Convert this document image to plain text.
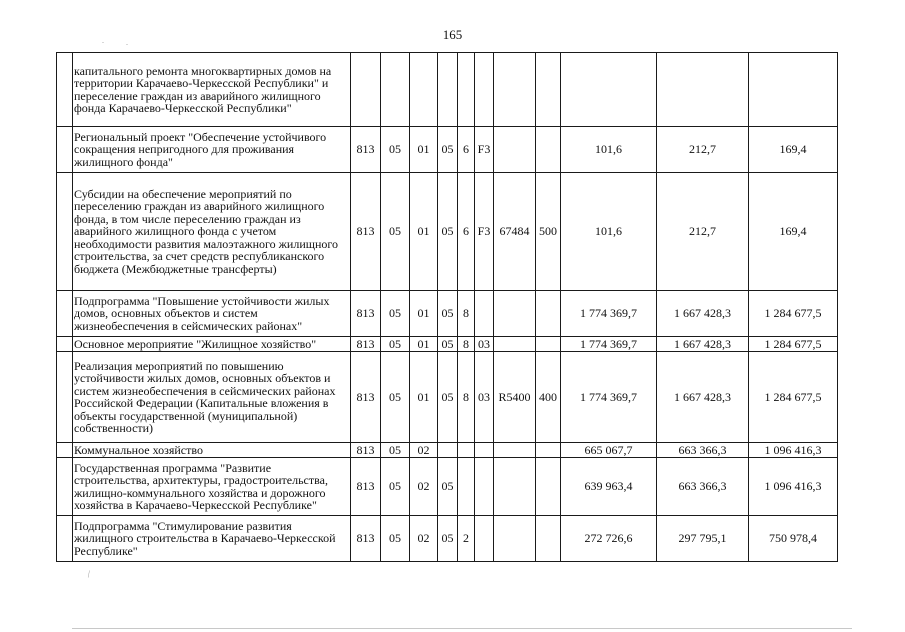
165
.	.
	капитального ремонта многоквартирных домов на территории Карачаево-Черкесской Республики" и переселение граждан из аварийного жилищного фонда Карачаево-Черкесской Республики"											
	Региональный проект "Обеспечение устойчивого сокращения непригодного для проживания жилищного фонда"	813	05	01	05	6	F3			101,6	212,7	169,4
	Субсидии на обеспечение мероприятий по переселению граждан из аварийного жилищного фонда, в том числе переселению граждан из аварийного жилищного фонда с учетом необходимости развития малоэтажного жилищного строительства, за счет средств республиканского бюджета (Межбюджетные трансферты)	813	05	01	05	6	F3	67484	500	101,6	212,7	169,4
	Подпрограмма "Повышение устойчивости жилых домов, основных объектов и систем жизнеобеспечения в сейсмических районах"	813	05	01	05	8				1 774 369,7	1 667 428,3	1 284 677,5
	Основное мероприятие "Жилищное хозяйство"	813	05	01	05	8	03			1 774 369,7	1 667 428,3	1 284 677,5
	Реализация мероприятий по повышению устойчивости жилых домов, основных объектов и систем жизнеобеспечения в сейсмических районах Российской Федерации (Капитальные вложения в объекты государственной (муниципальной) собственности)	813	05	01	05	8	03	R5400	400	1 774 369,7	1 667 428,3	1 284 677,5
	Коммунальное хозяйство	813	05	02						665 067,7	663 366,3	1 096 416,3
	Государственная программа "Развитие строительства, архитектуры, градостроительства, жилищно-коммунального хозяйства и дорожного хозяйства в Карачаево-Черкесской Республике"	813	05	02	05					639 963,4	663 366,3	1 096 416,3
	Подпрограмма "Стимулирование развития жилищного строительства в Карачаево-Черкесской Республике"	813	05	02	05	2				272 726,6	297 795,1	750 978,4
⁄
